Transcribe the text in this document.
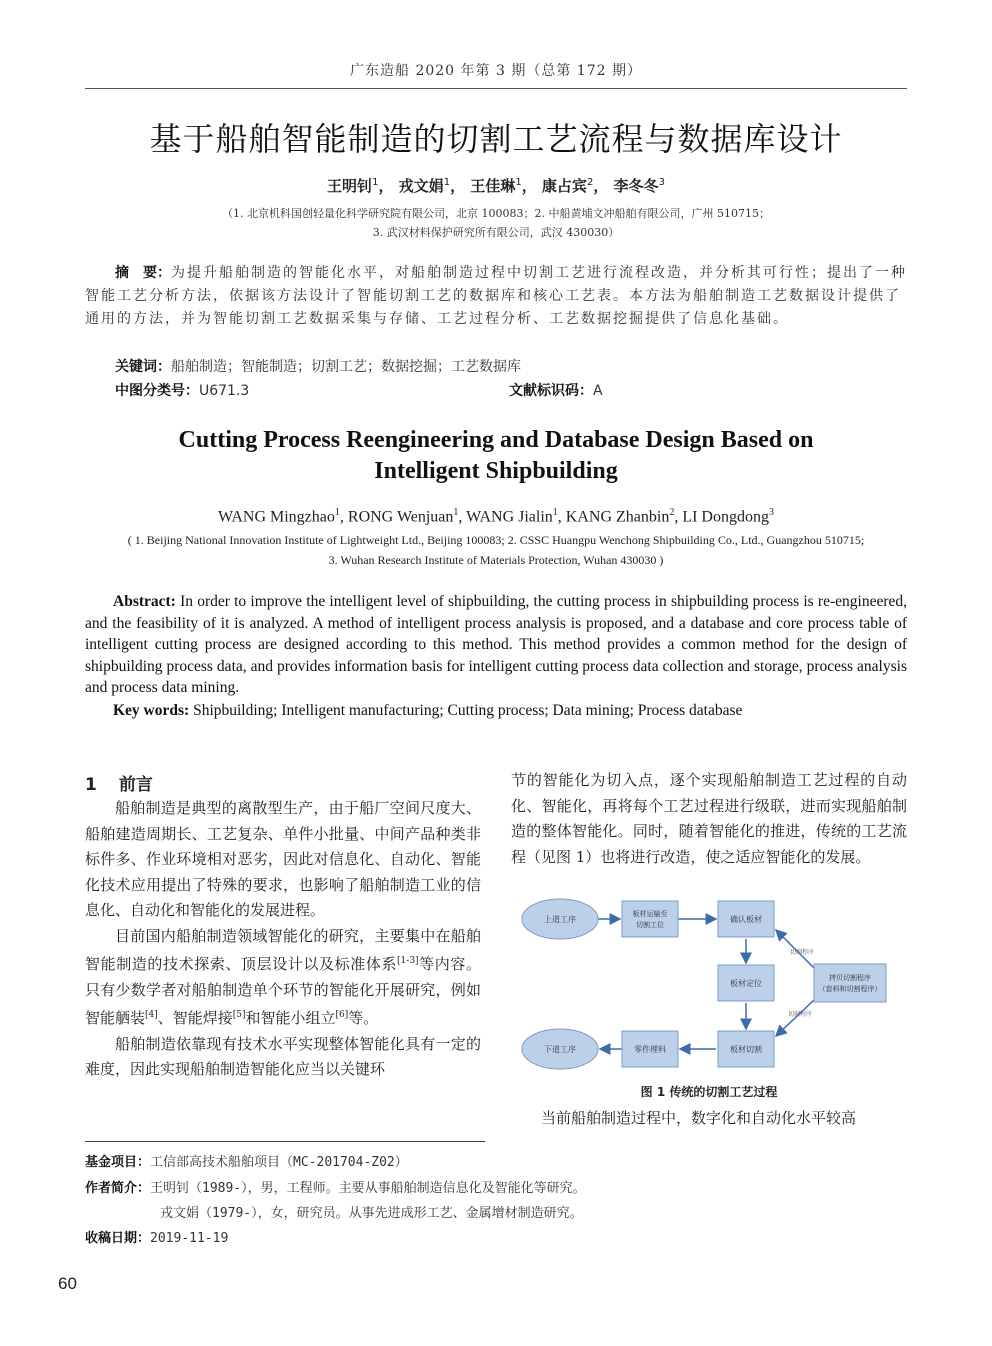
广东造船 2020 年第 3 期（总第 172 期）
基于船舶智能制造的切割工艺流程与数据库设计
王明钊$^1$， 戎文娟$^1$， 王佳琳$^1$， 康占宾$^2$， 李冬冬$^3$
（1. 北京机科国创轻量化科学研究院有限公司，北京 100083；2. 中船黄埔文冲船舶有限公司，广州 510715；
3. 武汉材料保护研究所有限公司，武汉 430030）
摘　要：为提升船舶制造的智能化水平，对船舶制造过程中切割工艺进行流程改造，并分析其可行性；提出了一种智能工艺分析方法，依据该方法设计了智能切割工艺的数据库和核心工艺表。本方法为船舶制造工艺数据设计提供了通用的方法，并为智能切割工艺数据采集与存储、工艺过程分析、工艺数据挖掘提供了信息化基础。
关键词：船舶制造；智能制造；切割工艺；数据挖掘；工艺数据库
中图分类号：U671.3	文献标识码：A
Cutting Process Reengineering and Database Design Based on
Intelligent Shipbuilding
WANG Mingzhao$^1$, RONG Wenjuan$^1$, WANG Jialin$^1$, KANG Zhanbin$^2$, LI Dongdong$^3$
( 1. Beijing National Innovation Institute of Lightweight Ltd., Beijing 100083; 2. CSSC Huangpu Wenchong Shipbuilding Co., Ltd., Guangzhou 510715;
3. Wuhan Research Institute of Materials Protection, Wuhan 430030 )
Abstract: In order to improve the intelligent level of shipbuilding, the cutting process in shipbuilding process is re-engineered, and the feasibility of it is analyzed. A method of intelligent process analysis is proposed, and a database and core process table of intelligent cutting process are designed according to this method. This method provides a common method for the design of shipbuilding process data, and provides information basis for intelligent cutting process data collection and storage, process analysis and process data mining.
Key words: Shipbuilding; Intelligent manufacturing; Cutting process; Data mining; Process database
1 前言

船舶制造是典型的离散型生产，由于船厂空间尺度大、船舶建造周期长、工艺复杂、单件小批量、中间产品种类非标件多、作业环境相对恶劣，因此对信息化、自动化、智能化技术应用提出了特殊的要求，也影响了船舶制造工业的信息化、自动化和智能化的发展进程。

目前国内船舶制造领域智能化的研究，主要集中在船舶智能制造的技术探索、顶层设计以及标准体系[1-3]等内容。只有少数学者对船舶制造单个环节的智能化开展研究，例如智能舾装[4]、智能焊接[5]和智能小组立[6]等。

船舶制造依靠现有技术水平实现整体智能化具有一定的难度，因此实现船舶制造智能化应当以关键环

节的智能化为切入点，逐个实现船舶制造工艺过程的自动化、智能化，再将每个工艺过程进行级联，进而实现船舶制造的整体智能化。同时，随着智能化的推进，传统的工艺流程（见图 1）也将进行改造，使之适应智能化的发展。

切割程序
切割程序
上道工序
板材运输至
切割工位
确认板材
板材定位
拷贝切割程序
（套料和切割程序）
板材切割
零件理料
下道工序
图 1 传统的切割工艺过程

当前船舶制造过程中，数字化和自动化水平较高

基金项目：工信部高技术船舶项目（MC-201704-Z02）
作者简介：王明钊（1989-），男，工程师。主要从事船舶制造信息化及智能化等研究。
戎文娟（1979-），女，研究员。从事先进成形工艺、金属增材制造研究。
收稿日期：2019-11-19
60
